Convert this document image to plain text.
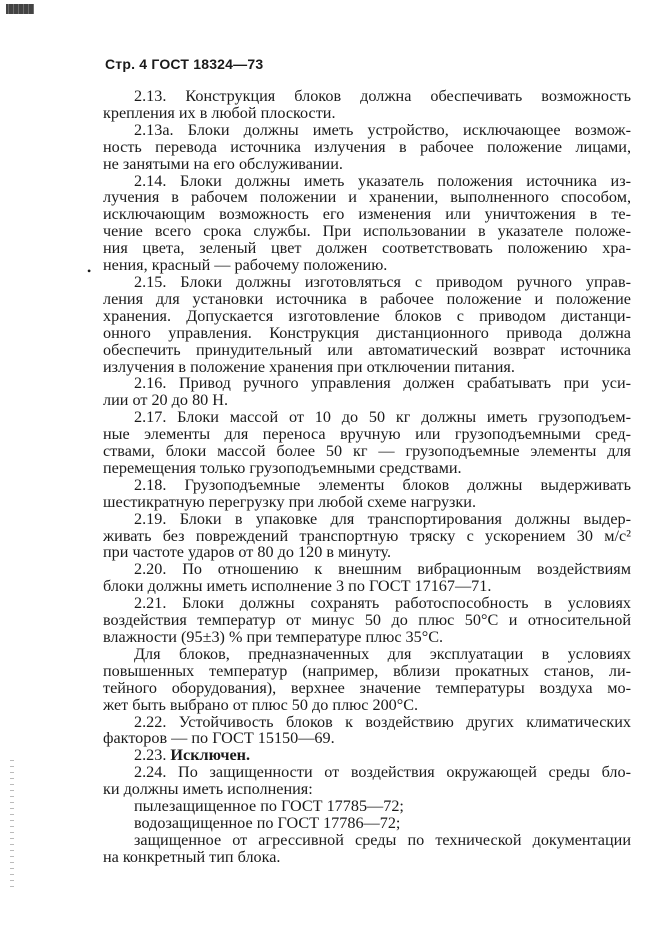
Стр. 4 ГОСТ 18324—73
•
2.13. Конструкция блоков должна обеспечивать возможность
крепления их в любой плоскости.
2.13а. Блоки должны иметь устройство, исключающее возмож-
ность перевода источника излучения в рабочее положение лицами,
не занятыми на его обслуживании.
2.14. Блоки должны иметь указатель положения источника из-
лучения в рабочем положении и хранении, выполненного способом,
исключающим возможность его изменения или уничтожения в те-
чение всего срока службы. При использовании в указателе положе-
ния цвета, зеленый цвет должен соответствовать положению хра-
нения, красный — рабочему положению.
2.15. Блоки должны изготовляться с приводом ручного управ-
ления для установки источника в рабочее положение и положение
хранения. Допускается изготовление блоков с приводом дистанци-
онного управления. Конструкция дистанционного привода должна
обеспечить принудительный или автоматический возврат источника
излучения в положение хранения при отключении питания.
2.16. Привод ручного управления должен срабатывать при уси-
лии от 20 до 80 Н.
2.17. Блоки массой от 10 до 50 кг должны иметь грузоподъем-
ные элементы для переноса вручную или грузоподъемными сред-
ствами, блоки массой более 50 кг — грузоподъемные элементы для
перемещения только грузоподъемными средствами.
2.18. Грузоподъемные элементы блоков должны выдерживать
шестикратную перегрузку при любой схеме нагрузки.
2.19. Блоки в упаковке для транспортирования должны выдер-
живать без повреждений транспортную тряску с ускорением 30 м/с²
при частоте ударов от 80 до 120 в минуту.
2.20. По отношению к внешним вибрационным воздействиям
блоки должны иметь исполнение 3 по ГОСТ 17167—71.
2.21. Блоки должны сохранять работоспособность в условиях
воздействия температур от минус 50 до плюс 50°С и относительной
влажности (95±3) % при температуре плюс 35°С.
Для блоков, предназначенных для эксплуатации в условиях
повышенных температур (например, вблизи прокатных станов, ли-
тейного оборудования), верхнее значение температуры воздуха мо-
жет быть выбрано от плюс 50 до плюс 200°С.
2.22. Устойчивость блоков к воздействию других климатических
факторов — по ГОСТ 15150—69.
2.23. Исключен.
2.24. По защищенности от воздействия окружающей среды бло-
ки должны иметь исполнения:
пылезащищенное по ГОСТ 17785—72;
водозащищенное по ГОСТ 17786—72;
защищенное от агрессивной среды по технической документации
на конкретный тип блока.
